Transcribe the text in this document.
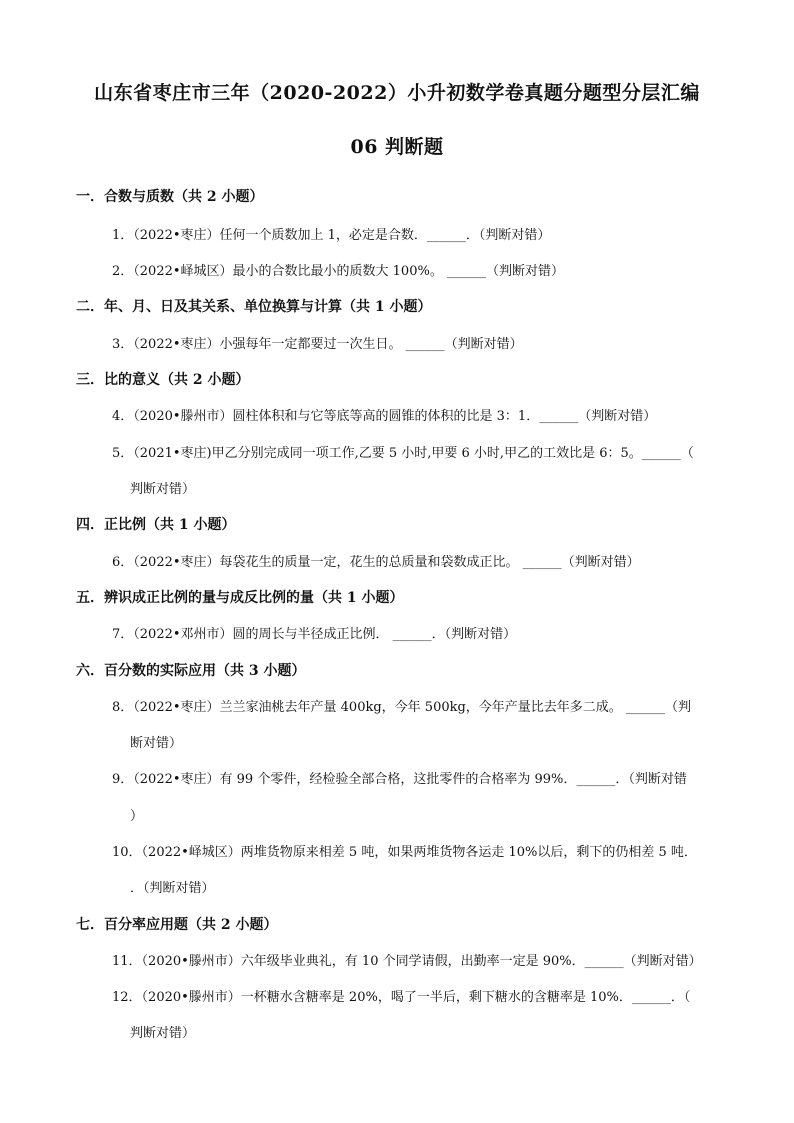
山东省枣庄市三年（2020-2022）小升初数学卷真题分题型分层汇编
06 判断题
一．合数与质数（共 2 小题）
1．（2022•枣庄）任何一个质数加上 1，必定是合数．______．（判断对错）
2．（2022•峄城区）最小的合数比最小的质数大 100%。 ______（判断对错）
二．年、月、日及其关系、单位换算与计算（共 1 小题）
3．（2022•枣庄）小强每年一定都要过一次生日。 ______（判断对错）
三．比的意义（共 2 小题）
4．（2020•滕州市）圆柱体积和与它等底等高的圆锥的体积的比是 3：1．______（判断对错）
5．（2021•枣庄)甲乙分别完成同一项工作,乙要 5 小时,甲要 6 小时,甲乙的工效比是 6：5。______（
判断对错）
四．正比例（共 1 小题）
6．（2022•枣庄）每袋花生的质量一定，花生的总质量和袋数成正比。 ______（判断对错）
五．辨识成正比例的量与成反比例的量（共 1 小题）
7．（2022•邓州市）圆的周长与半径成正比例． ______．（判断对错）
六．百分数的实际应用（共 3 小题）
8．（2022•枣庄）兰兰家油桃去年产量 400kg，今年 500kg，今年产量比去年多二成。 ______（判
断对错）
9．（2022•枣庄）有 99 个零件，经检验全部合格，这批零件的合格率为 99%．______．（判断对错
）
10．（2022•峄城区）两堆货物原来相差 5 吨，如果两堆货物各运走 10%以后，剩下的仍相差 5 吨．
．（判断对错）
七．百分率应用题（共 2 小题）
11．（2020•滕州市）六年级毕业典礼，有 10 个同学请假，出勤率一定是 90%．______（判断对错）
12．（2020•滕州市）一杯糖水含糖率是 20%，喝了一半后，剩下糖水的含糖率是 10%．______．（
判断对错）
